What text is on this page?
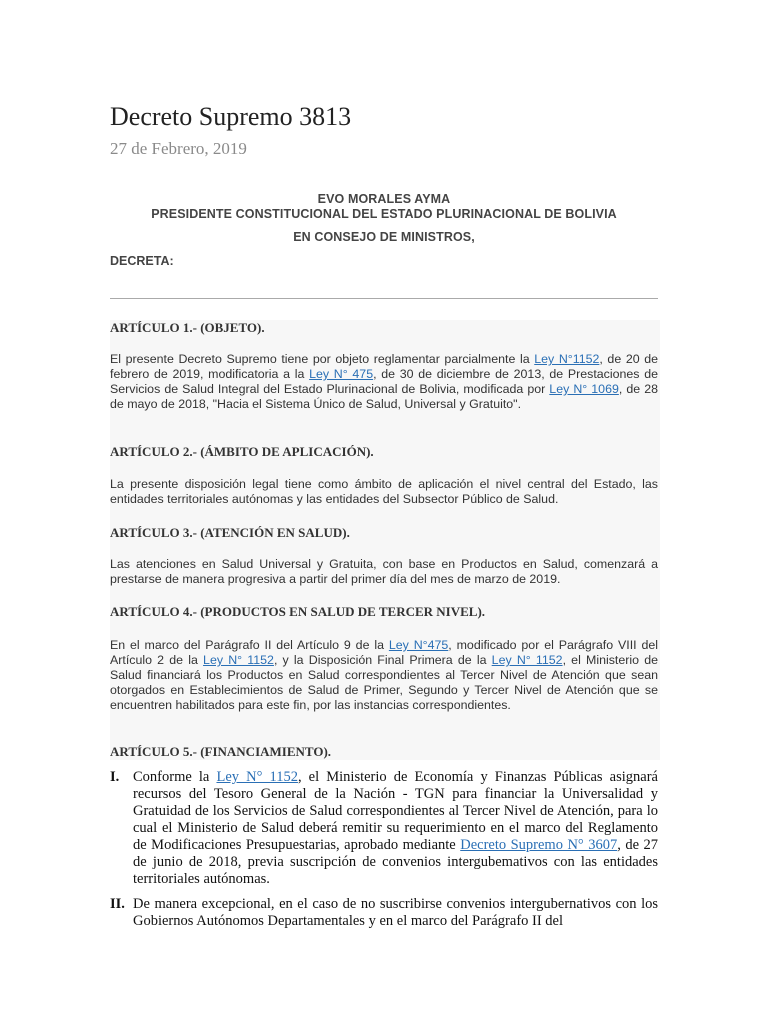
Decreto Supremo 3813
27 de Febrero, 2019
EVO MORALES AYMA
PRESIDENTE CONSTITUCIONAL DEL ESTADO PLURINACIONAL DE BOLIVIA
EN CONSEJO DE MINISTROS,
DECRETA:
ARTÍCULO 1.- (OBJETO).
El presente Decreto Supremo tiene por objeto reglamentar parcialmente la Ley N°1152, de 20 de febrero de 2019, modificatoria a la Ley N° 475, de 30 de diciembre de 2013, de Prestaciones de Servicios de Salud Integral del Estado Plurinacional de Bolivia, modificada por Ley N° 1069, de 28 de mayo de 2018, "Hacia el Sistema Único de Salud, Universal y Gratuito".
ARTÍCULO 2.- (ÁMBITO DE APLICACIÓN).
La presente disposición legal tiene como ámbito de aplicación el nivel central del Estado, las entidades territoriales autónomas y las entidades del Subsector Público de Salud.
ARTÍCULO 3.- (ATENCIÓN EN SALUD).
Las atenciones en Salud Universal y Gratuita, con base en Productos en Salud, comenzará a prestarse de manera progresiva a partir del primer día del mes de marzo de 2019.
ARTÍCULO 4.- (PRODUCTOS EN SALUD DE TERCER NIVEL).
En el marco del Parágrafo II del Artículo 9 de la Ley N°475, modificado por el Parágrafo VIII del Artículo 2 de la Ley N° 1152, y la Disposición Final Primera de la Ley N° 1152, el Ministerio de Salud financiará los Productos en Salud correspondientes al Tercer Nivel de Atención que sean otorgados en Establecimientos de Salud de Primer, Segundo y Tercer Nivel de Atención que se encuentren habilitados para este fin, por las instancias correspondientes.
ARTÍCULO 5.- (FINANCIAMIENTO).
I. Conforme la Ley N° 1152, el Ministerio de Economía y Finanzas Públicas asignará recursos del Tesoro General de la Nación - TGN para financiar la Universalidad y Gratuidad de los Servicios de Salud correspondientes al Tercer Nivel de Atención, para lo cual el Ministerio de Salud deberá remitir su requerimiento en el marco del Reglamento de Modificaciones Presupuestarias, aprobado mediante Decreto Supremo N° 3607, de 27 de junio de 2018, previa suscripción de convenios intergubemativos con las entidades territoriales autónomas.
II. De manera excepcional, en el caso de no suscribirse convenios intergubernativos con los Gobiernos Autónomos Departamentales y en el marco del Parágrafo II del
